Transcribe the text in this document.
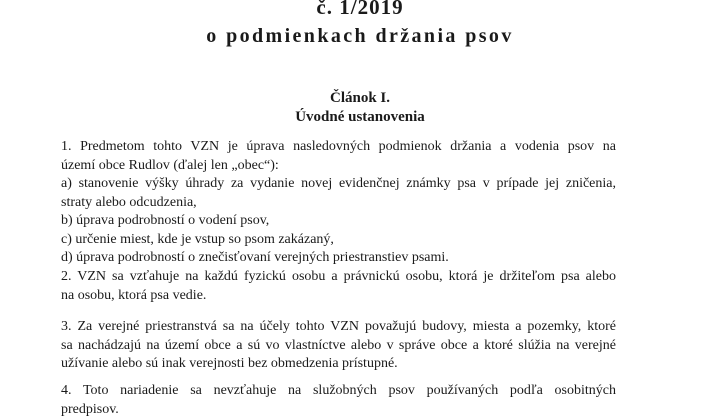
č. 1/2019
o podmienkach držania psov
Článok I.
Úvodné ustanovenia
1. Predmetom tohto VZN je úprava nasledovných podmienok držania a vodenia psov na
území obce Rudlov (ďalej len „obec“):
a) stanovenie výšky úhrady za vydanie novej evidenčnej známky psa v prípade jej zničenia,
straty alebo odcudzenia,
b) úprava podrobností o vodení psov,
c) určenie miest, kde je vstup so psom zakázaný,
d) úprava podrobností o znečisťovaní verejných priestranstiev psami.
2. VZN sa vzťahuje na každú fyzickú osobu a právnickú osobu, ktorá je držiteľom psa alebo
na osobu, ktorá psa vedie.
3. Za verejné priestranstvá sa na účely tohto VZN považujú budovy, miesta a pozemky, ktoré
sa nachádzajú na území obce a sú vo vlastníctve alebo v správe obce a ktoré slúžia na verejné
užívanie alebo sú inak verejnosti bez obmedzenia prístupné.
4. Toto nariadenie sa nevzťahuje na služobných psov používaných podľa osobitných
predpisov.
